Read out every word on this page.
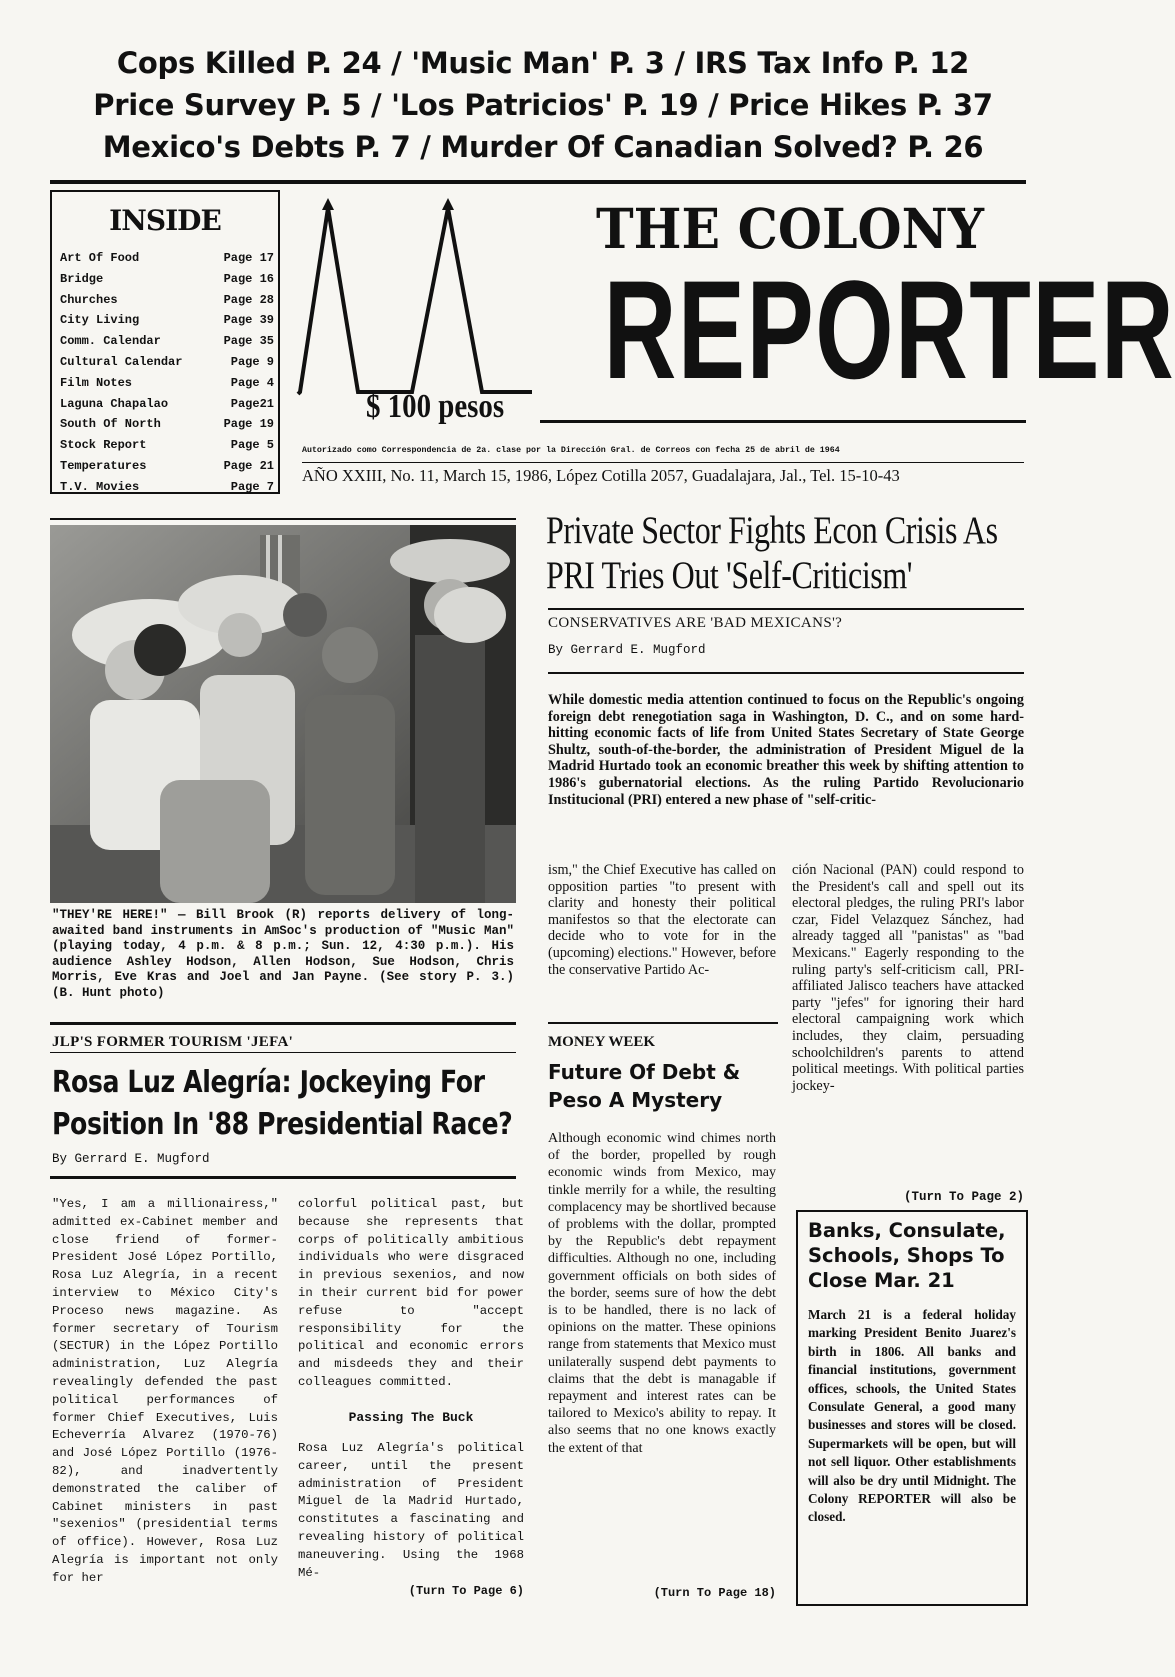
Cops Killed P. 24 / 'Music Man' P. 3 / IRS Tax Info P. 12
Price Survey P. 5 / 'Los Patricios' P. 19 / Price Hikes P. 37
Mexico's Debts P. 7 / Murder Of Canadian Solved? P. 26
INSIDE
Art Of Food	Page 17
Bridge	Page 16
Churches	Page 28
City Living	Page 39
Comm. Calendar	Page 35
Cultural Calendar	Page 9
Film Notes	Page 4
Laguna Chapalao	Page21
South Of North	Page 19
Stock Report	Page 5
Temperatures	Page 21
T.V. Movies	Page 7
$ 100 pesos
THE COLONY
REPORTER
Autorizado como Correspondencia de 2a. clase por la Dirección Gral. de Correos con fecha 25 de abril de 1964
AÑO XXIII, No. 11, March 15, 1986, López Cotilla 2057, Guadalajara, Jal., Tel. 15-10-43
"THEY'RE HERE!" — Bill Brook (R) reports delivery of long-awaited band instruments in AmSoc's production of "Music Man" (playing today, 4 p.m. & 8 p.m.; Sun. 12, 4:30 p.m.). His audience Ashley Hodson, Allen Hodson, Sue Hodson, Chris Morris, Eve Kras and Joel and Jan Payne. (See story P. 3.) (B. Hunt photo)
Private Sector Fights Econ Crisis As PRI Tries Out 'Self-Criticism'
CONSERVATIVES ARE 'BAD MEXICANS'?
By Gerrard E. Mugford
While domestic media attention continued to focus on the Republic's ongoing foreign debt renegotiation saga in Washington, D. C., and on some hard-hitting economic facts of life from United States Secretary of State George Shultz, south-of-the-border, the administration of President Miguel de la Madrid Hurtado took an economic breather this week by shifting attention to 1986's gubernatorial elections. As the ruling Partido Revolucionario Institucional (PRI) entered a new phase of "self-critic-
ism," the Chief Executive has called on opposition parties "to present with clarity and honesty their political manifestos so that the electorate can decide who to vote for in the (upcoming) elections." However, before the conservative Partido Ac-
ción Nacional (PAN) could respond to the President's call and spell out its electoral pledges, the ruling PRI's labor czar, Fidel Velazquez Sánchez, had already tagged all "panistas" as "bad Mexicans." Eagerly responding to the ruling party's self-criticism call, PRI-affiliated Jalisco teachers have attacked party "jefes" for ignoring their hard electoral campaigning work which includes, they claim, persuading schoolchildren's parents to attend political meetings. With political parties jockey-
(Turn To Page 2)
JLP'S FORMER TOURISM 'JEFA'
Rosa Luz Alegría: Jockeying For Position In '88 Presidential Race?
By Gerrard E. Mugford
"Yes, I am a millionairess," admitted ex-Cabinet member and close friend of former-President José López Portillo, Rosa Luz Alegría, in a recent interview to México City's Proceso news magazine. As former secretary of Tourism (SECTUR) in the López Portillo administration, Luz Alegría revealingly defended the past political performances of former Chief Executives, Luis Echeverría Alvarez (1970-76) and José López Portillo (1976-82), and inadvertently demonstrated the caliber of Cabinet ministers in past "sexenios" (presidential terms of office). However, Rosa Luz Alegría is important not only for her
colorful political past, but because she represents that corps of politically ambitious individuals who were disgraced in previous sexenios, and now in their current bid for power refuse to "accept responsibility for the political and economic errors and misdeeds they and their colleagues committed.
Passing The Buck
Rosa Luz Alegría's political career, until the present administration of President Miguel de la Madrid Hurtado, constitutes a fascinating and revealing history of political maneuvering. Using the 1968 Mé-
(Turn To Page 6)
MONEY WEEK
Future Of Debt & Peso A Mystery
Although economic wind chimes north of the border, propelled by rough economic winds from Mexico, may tinkle merrily for a while, the resulting complacency may be shortlived because of problems with the dollar, prompted by the Republic's debt repayment difficulties. Although no one, including government officials on both sides of the border, seems sure of how the debt is to be handled, there is no lack of opinions on the matter. These opinions range from statements that Mexico must unilaterally suspend debt payments to claims that the debt is managable if repayment and interest rates can be tailored to Mexico's ability to repay. It also seems that no one knows exactly the extent of that
(Turn To Page 18)
Banks, Consulate, Schools, Shops To Close Mar. 21
March 21 is a federal holiday marking President Benito Juarez's birth in 1806. All banks and financial institutions, government offices, schools, the United States Consulate General, a good many businesses and stores will be closed. Supermarkets will be open, but will not sell liquor. Other establishments will also be dry until Midnight. The Colony REPORTER will also be closed.
